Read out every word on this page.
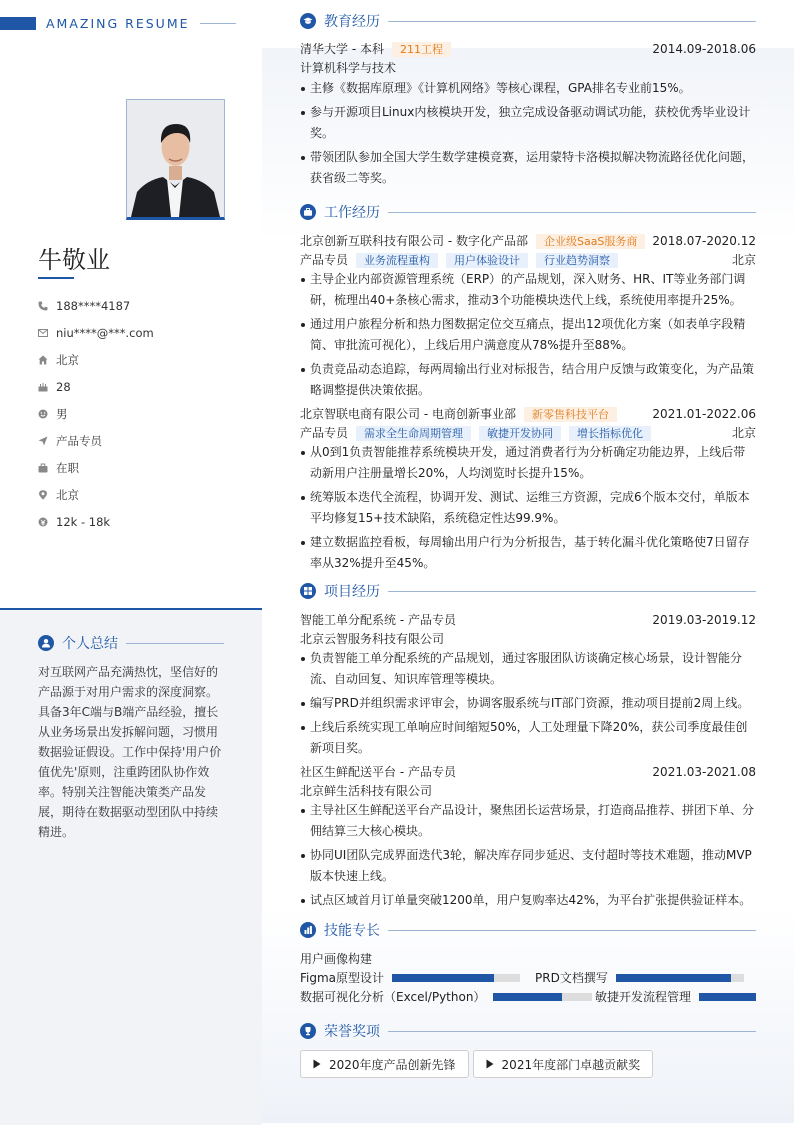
AMAZING RESUME
牛敬业
188****4187
niu****@***.com
北京
28
男
产品专员
在职
北京
12k - 18k
个人总结
对互联网产品充满热忱，坚信好的产品源于对用户需求的深度洞察。具备3年C端与B端产品经验，擅长从业务场景出发拆解问题，习惯用数据验证假设。工作中保持'用户价值优先'原则，注重跨团队协作效率。特别关注智能决策类产品发展，期待在数据驱动型团队中持续精进。
教育经历
清华大学 - 本科 211工程	2014.09-2018.06
计算机科学与技术
主修《数据库原理》《计算机网络》等核心课程，GPA排名专业前15%。
参与开源项目Linux内核模块开发，独立完成设备驱动调试功能，获校优秀毕业设计奖。
带领团队参加全国大学生数学建模竞赛，运用蒙特卡洛模拟解决物流路径优化问题，获省级二等奖。
工作经历
北京创新互联科技有限公司 - 数字化产品部 企业级SaaS服务商	2018.07-2020.12
产品专员 业务流程重构 用户体验设计 行业趋势洞察	北京
主导企业内部资源管理系统（ERP）的产品规划，深入财务、HR、IT等业务部门调研，梳理出40+条核心需求，推动3个功能模块迭代上线，系统使用率提升25%。
通过用户旅程分析和热力图数据定位交互痛点，提出12项优化方案（如表单字段精简、审批流可视化），上线后用户满意度从78%提升至88%。
负责竞品动态追踪，每两周输出行业对标报告，结合用户反馈与政策变化，为产品策略调整提供决策依据。
北京智联电商有限公司 - 电商创新事业部 新零售科技平台	2021.01-2022.06
产品专员 需求全生命周期管理 敏捷开发协同 增长指标优化	北京
从0到1负责智能推荐系统模块开发，通过消费者行为分析确定功能边界，上线后带动新用户注册量增长20%，人均浏览时长提升15%。
统筹版本迭代全流程，协调开发、测试、运维三方资源，完成6个版本交付，单版本平均修复15+技术缺陷，系统稳定性达99.9%。
建立数据监控看板，每周输出用户行为分析报告，基于转化漏斗优化策略使7日留存率从32%提升至45%。
项目经历
智能工单分配系统 - 产品专员	2019.03-2019.12
北京云智服务科技有限公司
负责智能工单分配系统的产品规划，通过客服团队访谈确定核心场景，设计智能分流、自动回复、知识库管理等模块。
编写PRD并组织需求评审会，协调客服系统与IT部门资源，推动项目提前2周上线。
上线后系统实现工单响应时间缩短50%，人工处理量下降20%，获公司季度最佳创新项目奖。
社区生鲜配送平台 - 产品专员	2021.03-2021.08
北京鲜生活科技有限公司
主导社区生鲜配送平台产品设计，聚焦团长运营场景，打造商品推荐、拼团下单、分佣结算三大核心模块。
协同UI团队完成界面迭代3轮，解决库存同步延迟、支付超时等技术难题，推动MVP版本快速上线。
试点区域首月订单量突破1200单，用户复购率达42%，为平台扩张提供验证样本。
技能专长
用户画像构建
Figma原型设计	PRD文档撰写
数据可视化分析（Excel/Python）	敏捷开发流程管理
荣誉奖项
2020年度产品创新先锋	2021年度部门卓越贡献奖
